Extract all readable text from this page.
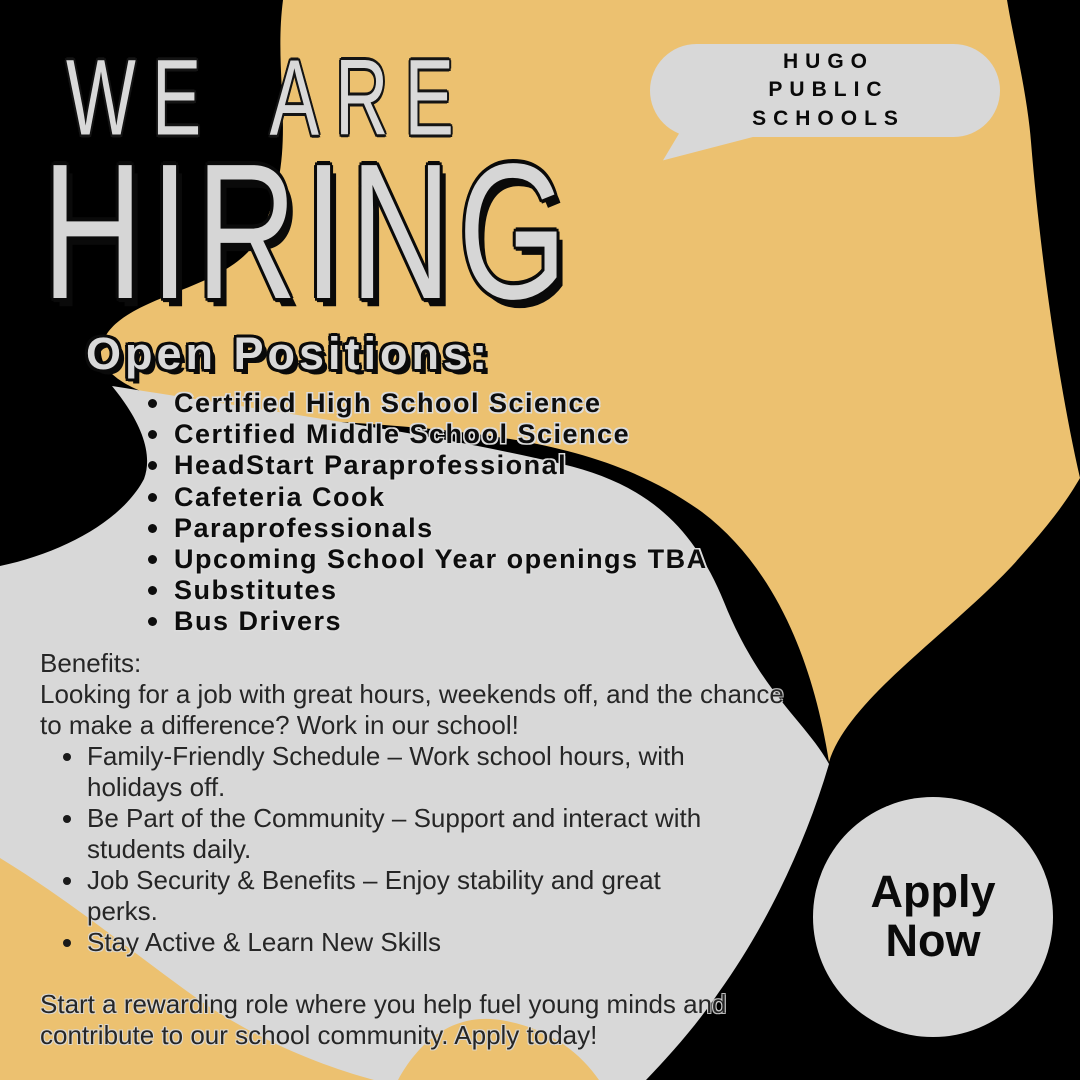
WE ARE
HIRING
HUGO
PUBLIC
SCHOOLS
Open Positions:
Certified High School Science
Certified Middle School Science
HeadStart Paraprofessional
Cafeteria Cook
Paraprofessionals
Upcoming School Year openings TBA
Substitutes
Bus Drivers
Benefits:
Looking for a job with great hours, weekends off, and the chance to make a difference? Work in our school!
Family-Friendly Schedule – Work school hours, with holidays off.
Be Part of the Community – Support and interact with students daily.
Job Security & Benefits – Enjoy stability and great perks.
Stay Active & Learn New Skills
Start a rewarding role where you help fuel young minds and contribute to our school community. Apply today!
Apply
Now
